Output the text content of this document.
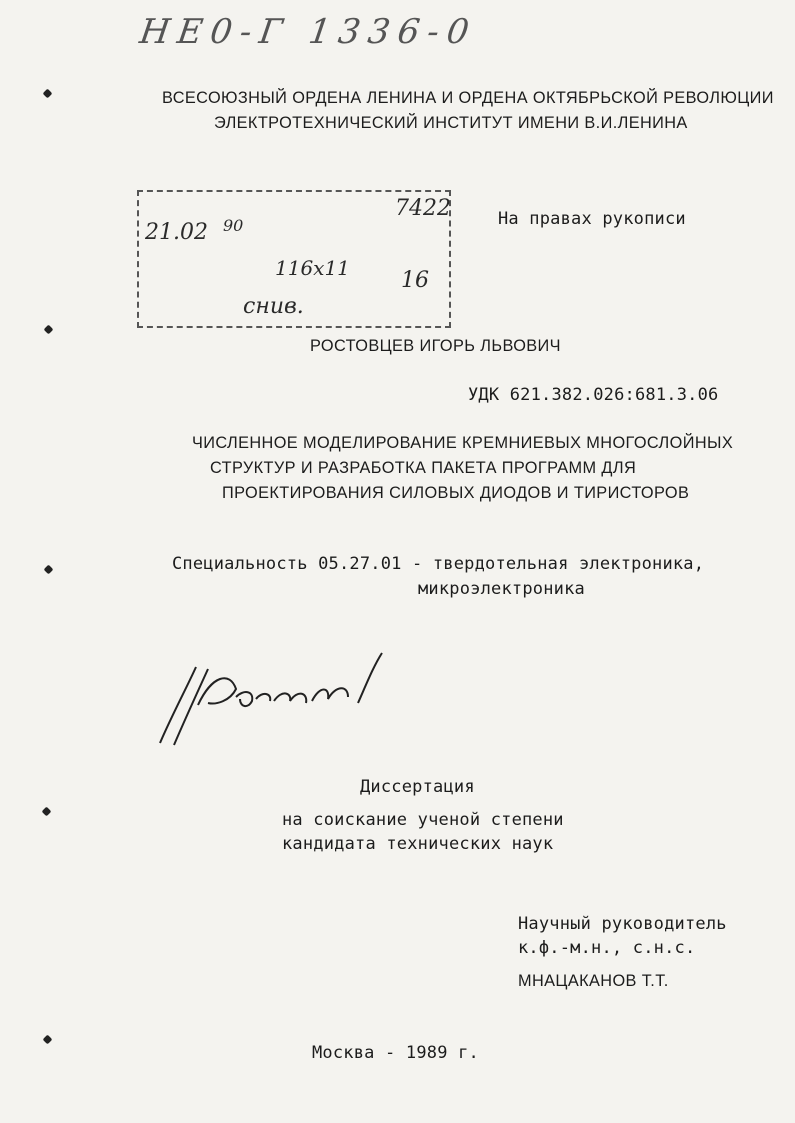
НЕ0-Г 1336-0
ВСЕСОЮЗНЫЙ ОРДЕНА ЛЕНИНА И ОРДЕНА ОКТЯБРЬСКОЙ РЕВОЛЮЦИИ
ЭЛЕКТРОТЕХНИЧЕСКИЙ ИНСТИТУТ ИМЕНИ В.И.ЛЕНИНА
21.02 90
7422
116x11 16
снив.
На правах рукописи
РОСТОВЦЕВ ИГОРЬ ЛЬВОВИЧ
УДК 621.382.026:681.3.06
ЧИСЛЕННОЕ МОДЕЛИРОВАНИЕ КРЕМНИЕВЫХ МНОГОСЛОЙНЫХ
СТРУКТУР И РАЗРАБОТКА ПАКЕТА ПРОГРАММ ДЛЯ
ПРОЕКТИРОВАНИЯ СИЛОВЫХ ДИОДОВ И ТИРИСТОРОВ
Специальность 05.27.01 - твердотельная электроника,
микроэлектроника
Диссертация
на соискание ученой степени
кандидата технических наук
Научный руководитель
к.ф.-м.н., с.н.с.
МНАЦАКАНОВ Т.Т.
Москва - 1989 г.
